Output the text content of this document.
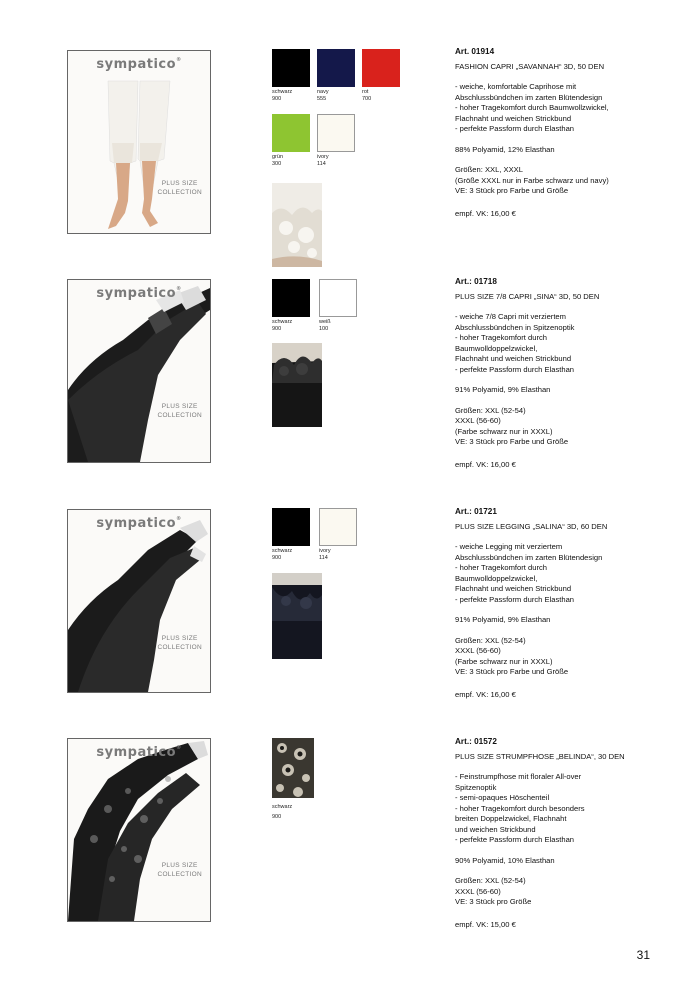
sympatico®
PLUS SIZE
COLLECTION
schwarz
900
navy
555
rot
700
grün
300
ivory
114
Art. 01914
FASHION CAPRI „SAVANNAH“ 3D, 50 DEN
- weiche, komfortable Caprihose mit
Abschlussbündchen im zarten Blütendesign
- hoher Tragekomfort durch Baumwollzwickel,
Flachnaht und weichen Strickbund
- perfekte Passform durch Elasthan
88% Polyamid, 12% Elasthan
Größen: XXL, XXXL
(Größe XXXL nur in Farbe schwarz und navy)
VE: 3 Stück pro Farbe und Größe
empf. VK: 16,00 €
sympatico®
PLUS SIZE
COLLECTION
schwarz
900
weiß
100
Art.: 01718
PLUS SIZE 7/8 CAPRI „SINA“ 3D, 50 DEN
- weiche 7/8 Capri mit verziertem
Abschlussbündchen in Spitzenoptik
- hoher Tragekomfort durch
Baumwolldoppelzwickel,
Flachnaht und weichen Strickbund
- perfekte Passform durch Elasthan
91% Polyamid, 9% Elasthan
Größen: XXL (52-54)
XXXL (56-60)
(Farbe schwarz nur in XXXL)
VE: 3 Stück pro Farbe und Größe
empf. VK: 16,00 €
sympatico®
PLUS SIZE
COLLECTION
schwarz
900
ivory
114
Art.: 01721
PLUS SIZE LEGGING „SALINA“ 3D, 60 DEN
- weiche Legging mit verziertem
Abschlussbündchen im zarten Blütendesign
- hoher Tragekomfort durch
Baumwolldoppelzwickel,
Flachnaht und weichen Strickbund
- perfekte Passform durch Elasthan
91% Polyamid, 9% Elasthan
Größen: XXL (52-54)
XXXL (56-60)
(Farbe schwarz nur in XXXL)
VE: 3 Stück pro Farbe und Größe
empf. VK: 16,00 €
sympatico®
PLUS SIZE
COLLECTION
schwarz
900
Art.: 01572
PLUS SIZE STRUMPFHOSE „BELINDA“, 30 DEN
- Feinstrumpfhose mit floraler All-over
Spitzenoptik
- semi-opaques Höschenteil
- hoher Tragekomfort durch besonders
breiten Doppelzwickel, Flachnaht
und weichen Strickbund
- perfekte Passform durch Elasthan
90% Polyamid, 10% Elasthan
Größen: XXL (52-54)
XXXL (56-60)
VE: 3 Stück pro Größe
empf. VK: 15,00 €
31
